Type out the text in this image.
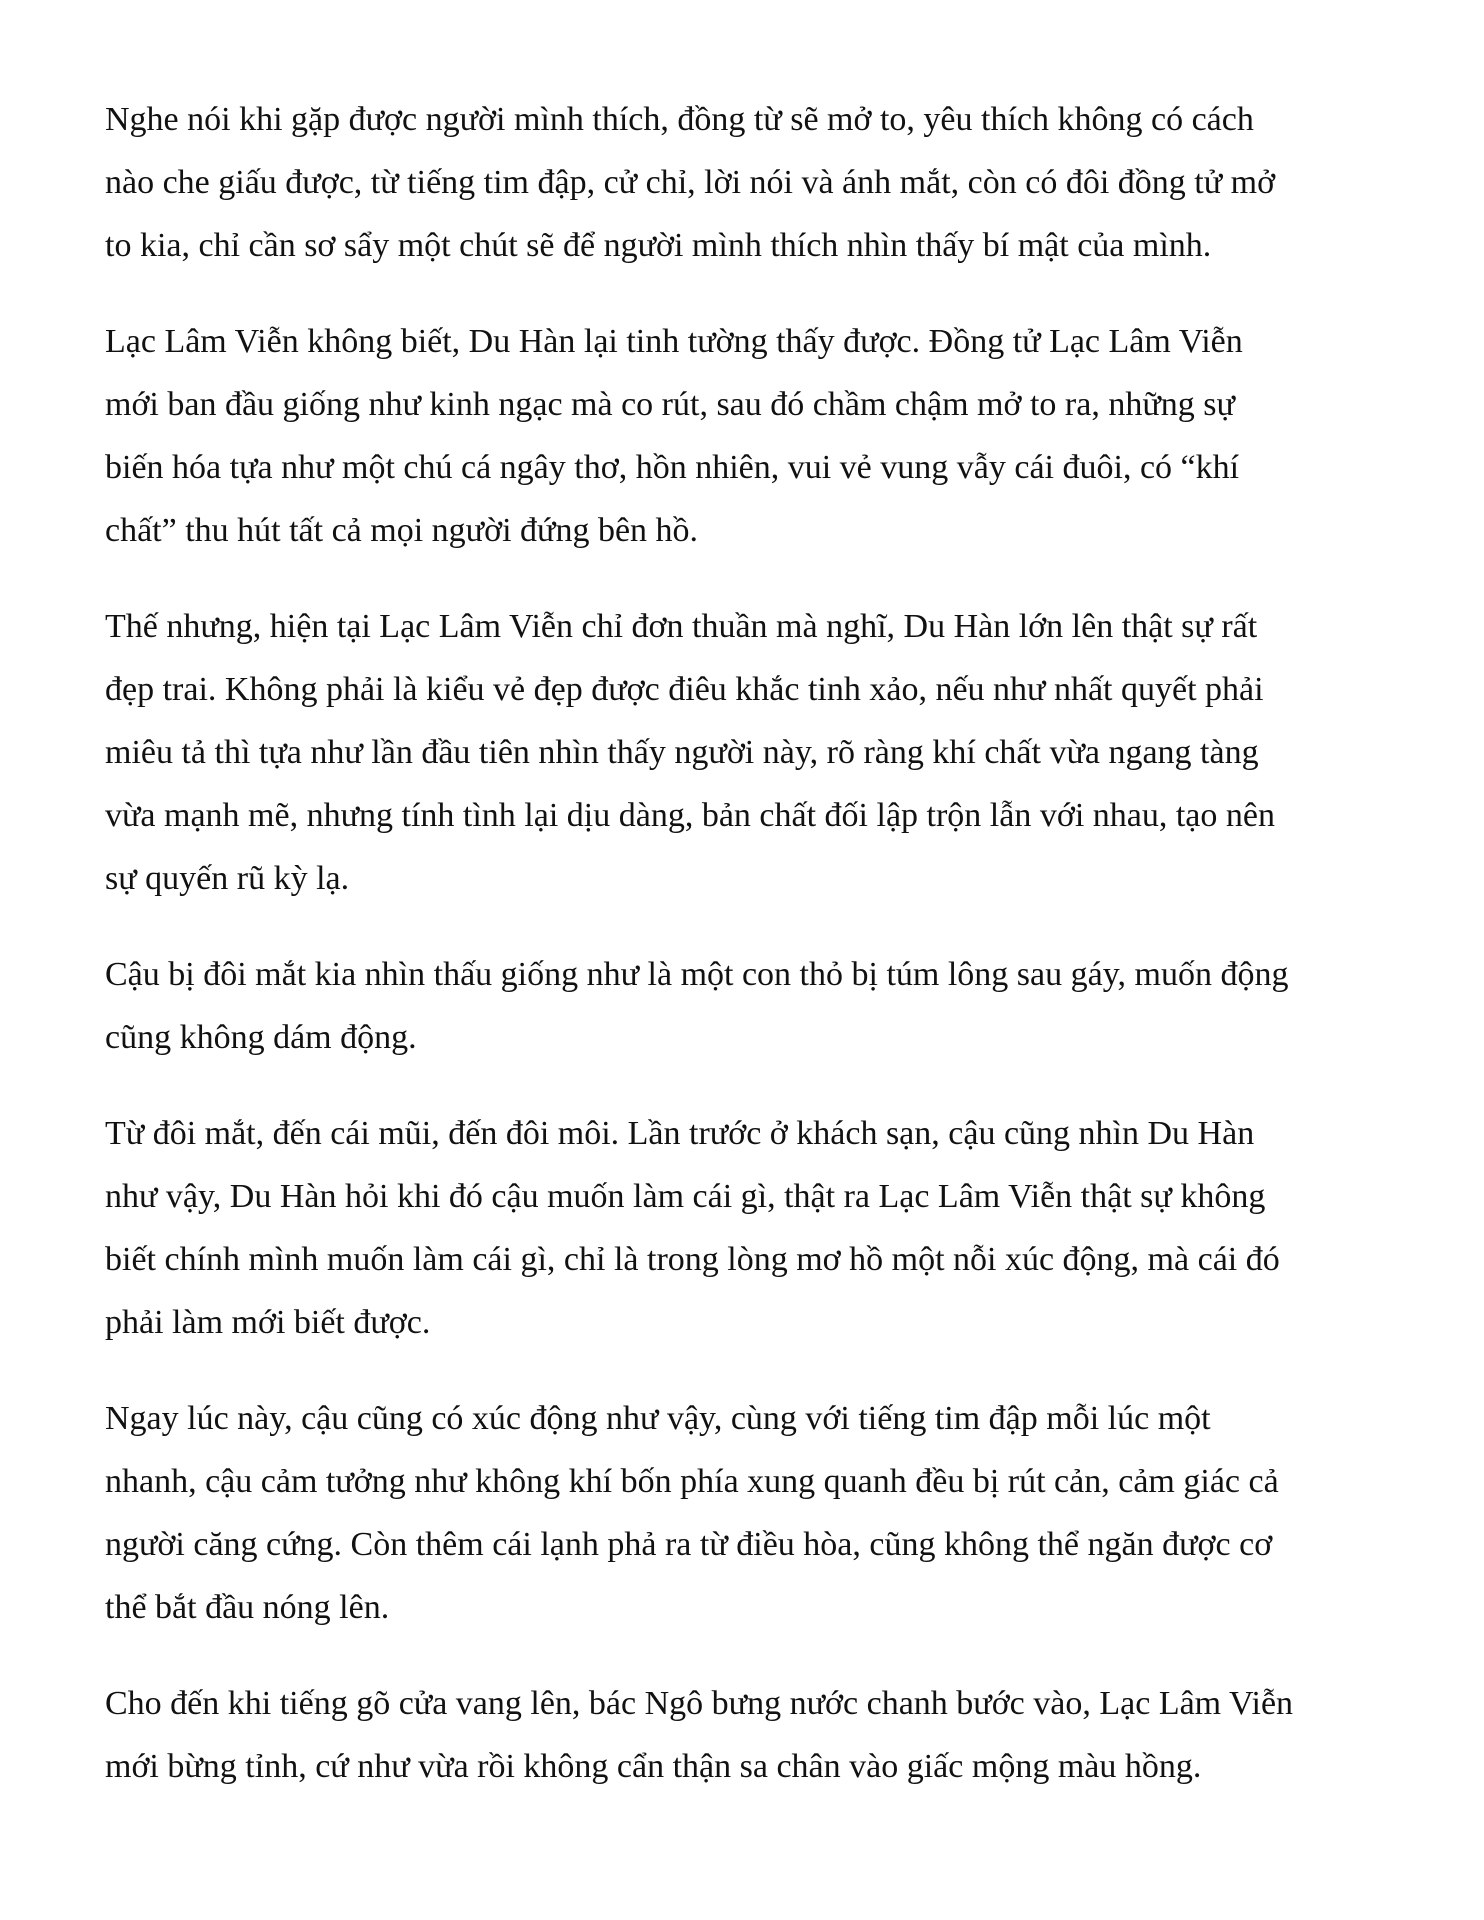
Nghe nói khi gặp được người mình thích, đồng từ sẽ mở to, yêu thích không có cách
nào che giấu được, từ tiếng tim đập, cử chỉ, lời nói và ánh mắt, còn có đôi đồng tử mở
to kia, chỉ cần sơ sẩy một chút sẽ để người mình thích nhìn thấy bí mật của mình.

Lạc Lâm Viễn không biết, Du Hàn lại tinh tường thấy được. Đồng tử Lạc Lâm Viễn
mới ban đầu giống như kinh ngạc mà co rút, sau đó chầm chậm mở to ra, những sự
biến hóa tựa như một chú cá ngây thơ, hồn nhiên, vui vẻ vung vẫy cái đuôi, có “khí
chất” thu hút tất cả mọi người đứng bên hồ.

Thế nhưng, hiện tại Lạc Lâm Viễn chỉ đơn thuần mà nghĩ, Du Hàn lớn lên thật sự rất
đẹp trai. Không phải là kiểu vẻ đẹp được điêu khắc tinh xảo, nếu như nhất quyết phải
miêu tả thì tựa như lần đầu tiên nhìn thấy người này, rõ ràng khí chất vừa ngang tàng
vừa mạnh mẽ, nhưng tính tình lại dịu dàng, bản chất đối lập trộn lẫn với nhau, tạo nên
sự quyến rũ kỳ lạ.

Cậu bị đôi mắt kia nhìn thấu giống như là một con thỏ bị túm lông sau gáy, muốn động
cũng không dám động.

Từ đôi mắt, đến cái mũi, đến đôi môi. Lần trước ở khách sạn, cậu cũng nhìn Du Hàn
như vậy, Du Hàn hỏi khi đó cậu muốn làm cái gì, thật ra Lạc Lâm Viễn thật sự không
biết chính mình muốn làm cái gì, chỉ là trong lòng mơ hồ một nỗi xúc động, mà cái đó
phải làm mới biết được.

Ngay lúc này, cậu cũng có xúc động như vậy, cùng với tiếng tim đập mỗi lúc một
nhanh, cậu cảm tưởng như không khí bốn phía xung quanh đều bị rút cản, cảm giác cả
người căng cứng. Còn thêm cái lạnh phả ra từ điều hòa, cũng không thể ngăn được cơ
thể bắt đầu nóng lên.

Cho đến khi tiếng gõ cửa vang lên, bác Ngô bưng nước chanh bước vào, Lạc Lâm Viễn
mới bừng tỉnh, cứ như vừa rồi không cẩn thận sa chân vào giấc mộng màu hồng.
